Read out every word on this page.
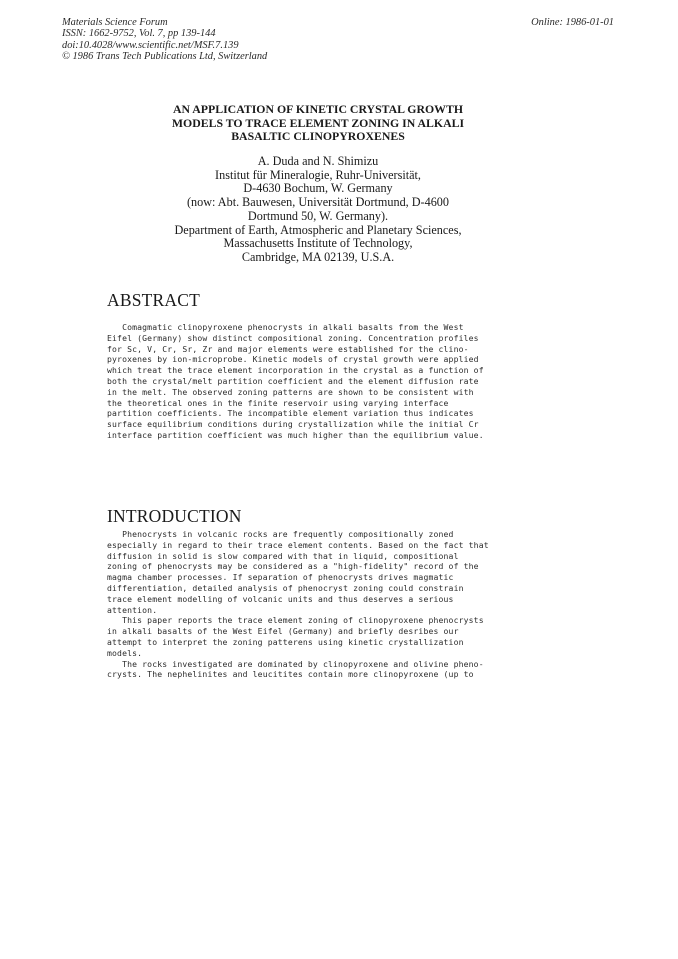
Materials Science Forum
ISSN: 1662-9752, Vol. 7, pp 139-144
doi:10.4028/www.scientific.net/MSF.7.139
© 1986 Trans Tech Publications Ltd, Switzerland
Online: 1986-01-01
AN APPLICATION OF KINETIC CRYSTAL GROWTH
MODELS TO TRACE ELEMENT ZONING IN ALKALI
BASALTIC CLINOPYROXENES
A. Duda and N. Shimizu
Institut für Mineralogie, Ruhr-Universität,
D-4630 Bochum, W. Germany
(now: Abt. Bauwesen, Universität Dortmund, D-4600
Dortmund 50, W. Germany).
Department of Earth, Atmospheric and Planetary Sciences,
Massachusetts Institute of Technology,
Cambridge, MA 02139, U.S.A.
ABSTRACT
Comagmatic clinopyroxene phenocrysts in alkali basalts from the West
Eifel (Germany) show distinct compositional zoning. Concentration profiles
for Sc, V, Cr, Sr, Zr and major elements were established for the clino-
pyroxenes by ion-microprobe. Kinetic models of crystal growth were applied
which treat the trace element incorporation in the crystal as a function of
both the crystal/melt partition coefficient and the element diffusion rate
in the melt. The observed zoning patterns are shown to be consistent with
the theoretical ones in the finite reservoir using varying interface
partition coefficients. The incompatible element variation thus indicates
surface equilibrium conditions during crystallization while the initial Cr
interface partition coefficient was much higher than the equilibrium value.
INTRODUCTION
Phenocrysts in volcanic rocks are frequently compositionally zoned
especially in regard to their trace element contents. Based on the fact that
diffusion in solid is slow compared with that in liquid, compositional
zoning of phenocrysts may be considered as a "high-fidelity" record of the
magma chamber processes. If separation of phenocrysts drives magmatic
differentiation, detailed analysis of phenocryst zoning could constrain
trace element modelling of volcanic units and thus deserves a serious
attention.
This paper reports the trace element zoning of clinopyroxene phenocrysts
in alkali basalts of the West Eifel (Germany) and briefly desribes our
attempt to interpret the zoning patterens using kinetic crystallization
models.
The rocks investigated are dominated by clinopyroxene and olivine pheno-
crysts. The nephelinites and leucitites contain more clinopyroxene (up to
